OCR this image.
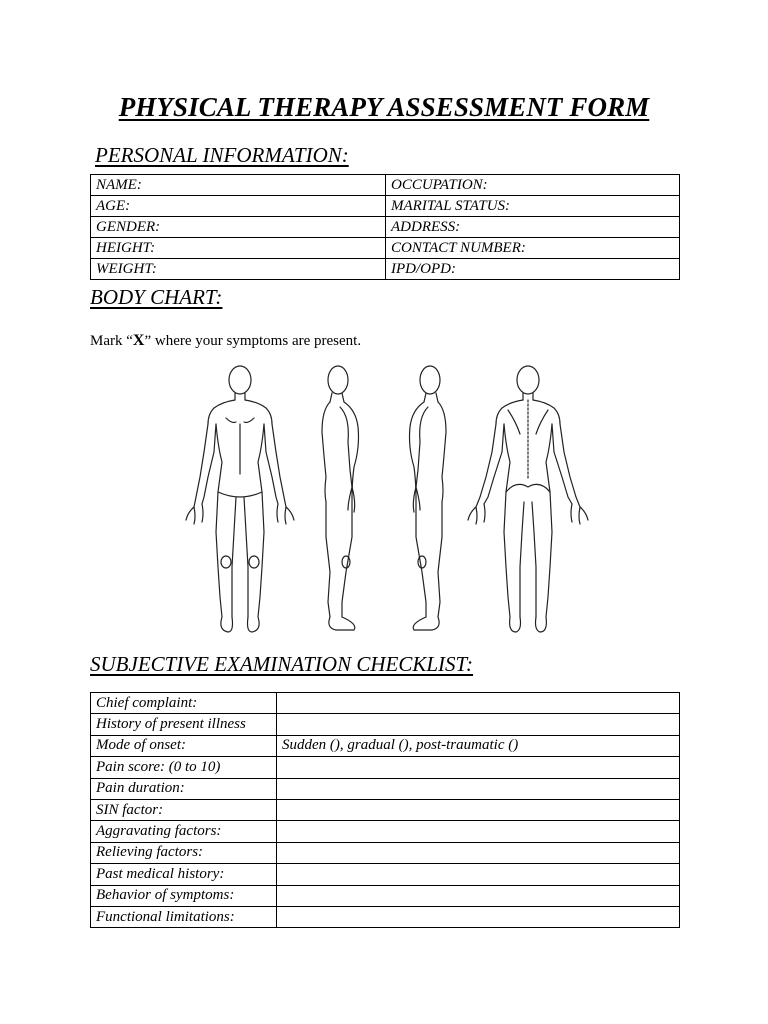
PHYSICAL THERAPY ASSESSMENT FORM
PERSONAL INFORMATION:
NAME:	OCCUPATION:
AGE:	MARITAL STATUS:
GENDER:	ADDRESS:
HEIGHT:	CONTACT NUMBER:
WEIGHT:	IPD/OPD:
BODY CHART:
Mark “X” where your symptoms are present.
SUBJECTIVE EXAMINATION CHECKLIST:
Chief complaint:	
History of present illness	
Mode of onset:	Sudden (), gradual (), post-traumatic ()
Pain score: (0 to 10)	
Pain duration:	
SIN factor:	
Aggravating factors:	
Relieving factors:	
Past medical history:	
Behavior of symptoms:	
Functional limitations:	
